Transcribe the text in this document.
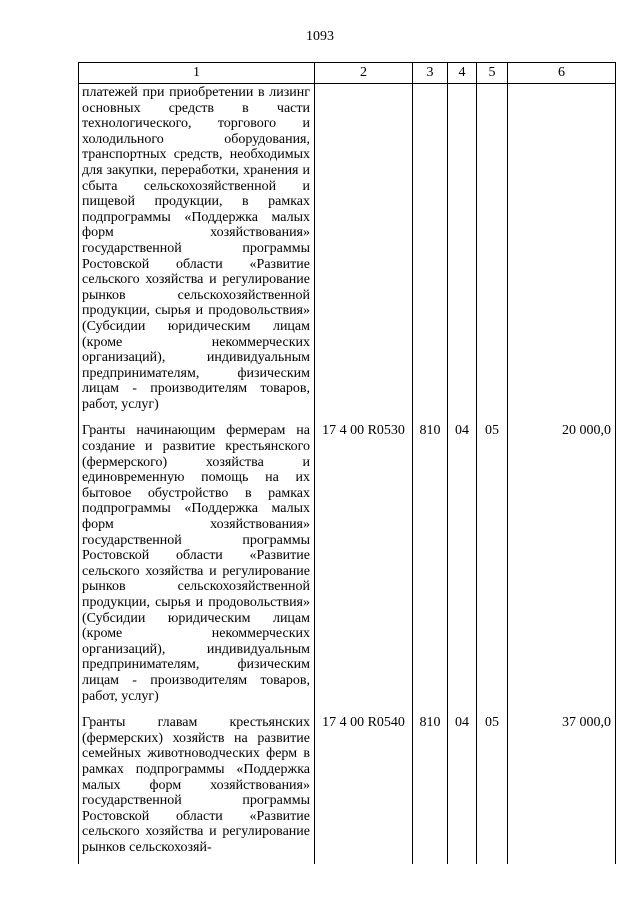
1093
1	2	3	4	5	6
платежей при приобретении в лизинг основных средств в части технологического, торгового и холодильного оборудования, транспортных средств, необходимых для закупки, переработки, хранения и сбыта сельскохозяйственной и пищевой продукции, в рамках подпрограммы «Поддержка малых форм хозяйствования» государственной программы Ростовской области «Развитие сельского хозяйства и регулирование рынков сельскохозяйственной продукции, сырья и продовольствия» (Субсидии юридическим лицам (кроме некоммерческих организаций), индивидуальным предпринимателям, физическим лицам - производителям товаров, работ, услуг)					
Гранты начинающим фермерам на создание и развитие крестьянского (фермерского) хозяйства и единовременную помощь на их бытовое обустройство в рамках подпрограммы «Поддержка малых форм хозяйствования» государственной программы Ростовской области «Развитие сельского хозяйства и регулирование рынков сельскохозяйственной продукции, сырья и продовольствия» (Субсидии юридическим лицам (кроме некоммерческих организаций), индивидуальным предпринимателям, физическим лицам - производителям товаров, работ, услуг)	17 4 00 R0530	810	04	05	20 000,0
Гранты главам крестьянских (фермерских) хозяйств на развитие семейных животноводческих ферм в рамках подпрограммы «Поддержка малых форм хозяйствования» государственной программы Ростовской области «Развитие сельского хозяйства и регулирование рынков сельскохозяй-	17 4 00 R0540	810	04	05	37 000,0
